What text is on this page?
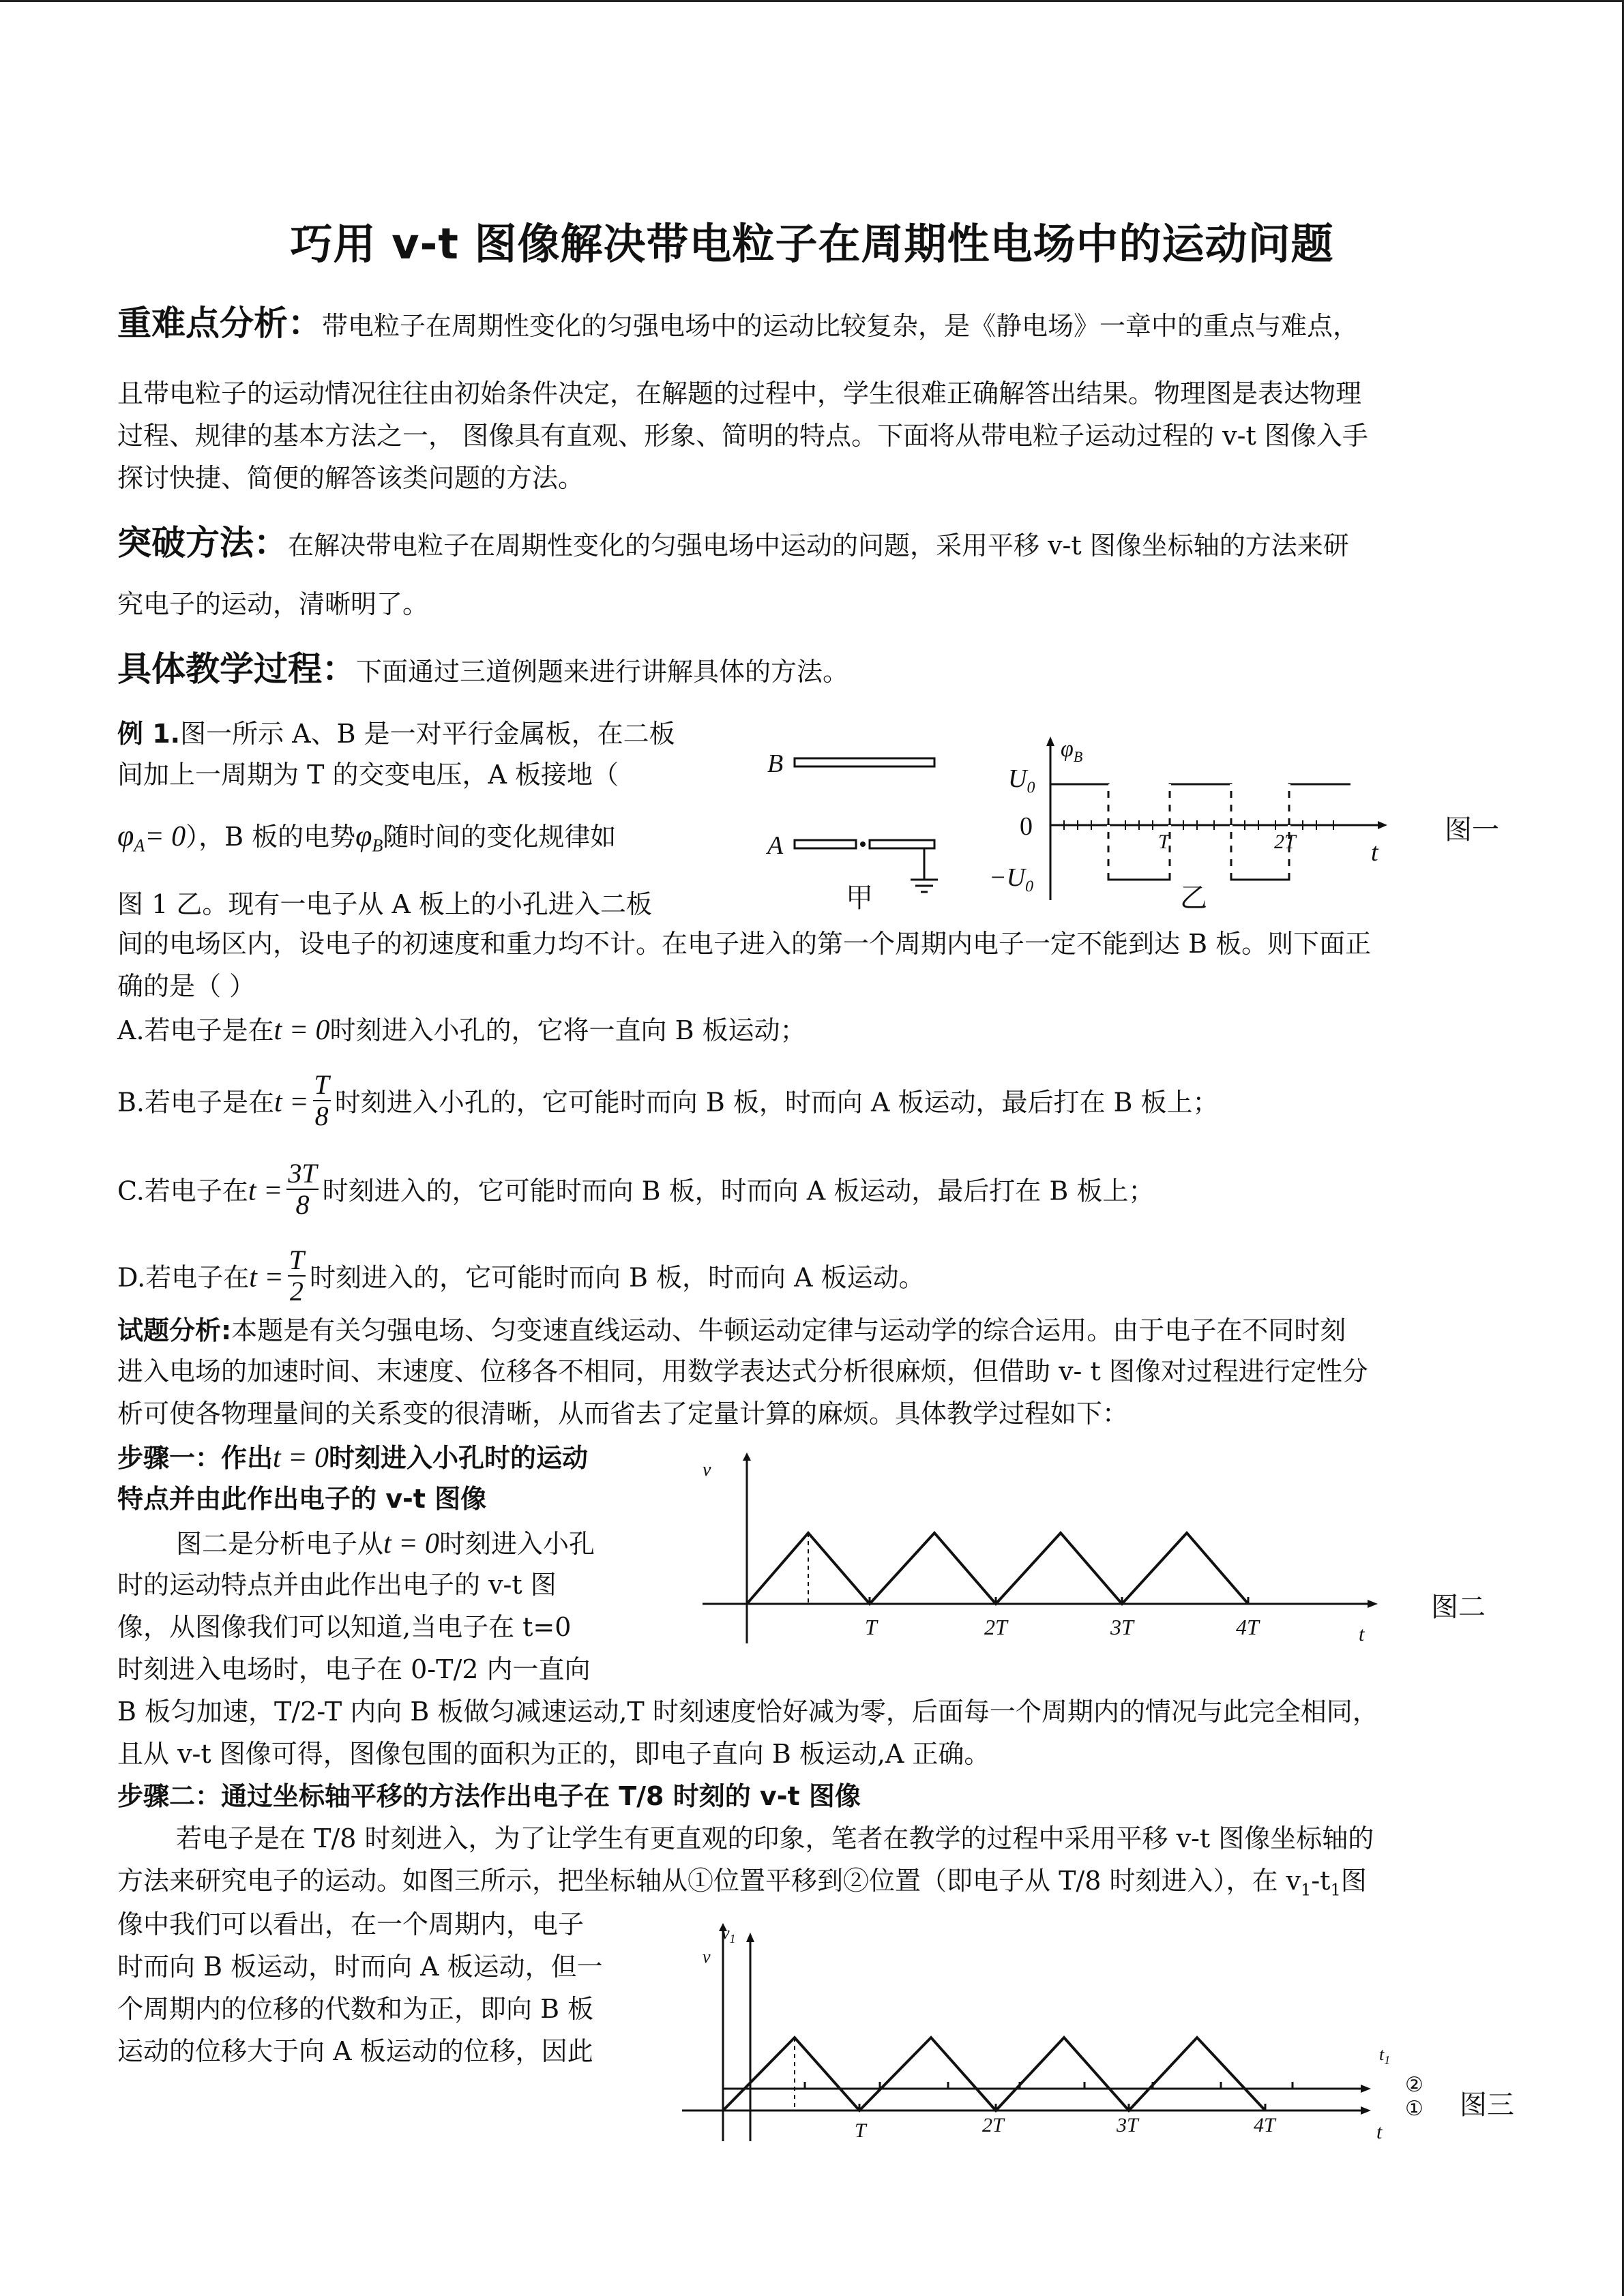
巧用 v-t 图像解决带电粒子在周期性电场中的运动问题
重难点分析：带电粒子在周期性变化的匀强电场中的运动比较复杂，是《静电场》一章中的重点与难点，
且带电粒子的运动情况往往由初始条件决定，在解题的过程中，学生很难正确解答出结果。物理图是表达物理
过程、规律的基本方法之一， 图像具有直观、形象、简明的特点。下面将从带电粒子运动过程的 v-t 图像入手
探讨快捷、简便的解答该类问题的方法。
突破方法：在解决带电粒子在周期性变化的匀强电场中运动的问题，采用平移 v-t 图像坐标轴的方法来研
究电子的运动，清晰明了。
具体教学过程：下面通过三道例题来进行讲解具体的方法。
例 1.图一所示 A、B 是一对平行金属板，在二板
间加上一周期为 T 的交变电压，A 板接地（
$\varphi_A= 0$），B 板的电势$\varphi_B$随时间的变化规律如
图 1 乙。现有一电子从 A 板上的小孔进入二板
间的电场区内，设电子的初速度和重力均不计。在电子进入的第一个周期内电子一定不能到达 B 板。则下面正
确的是（ ）
A.若电子是在t = 0时刻进入小孔的，它将一直向 B 板运动；
B.若电子是在$t = \frac{T}{8}$ 时刻进入小孔的，它可能时而向 B 板，时而向 A 板运动，最后打在 B 板上；
C.若电子在$t = \frac{3T}{8}$ 时刻进入的，它可能时而向 B 板，时而向 A 板运动，最后打在 B 板上；
D.若电子在$t = \frac{T}{2}$ 时刻进入的，它可能时而向 B 板，时而向 A 板运动。
B
A
甲	乙
$U_0$
$\varphi_B$
0
$-U_0$
T	2T	t
图一
试题分析:本题是有关匀强电场、匀变速直线运动、牛顿运动定律与运动学的综合运用。由于电子在不同时刻
进入电场的加速时间、末速度、位移各不相同，用数学表达式分析很麻烦，但借助 v- t 图像对过程进行定性分
析可使各物理量间的关系变的很清晰，从而省去了定量计算的麻烦。具体教学过程如下：
步骤一：作出t = 0时刻进入小孔时的运动
特点并由此作出电子的 v-t 图像
图二是分析电子从t = 0时刻进入小孔
时的运动特点并由此作出电子的 v-t 图
像，从图像我们可以知道,当电子在 t=0
时刻进入电场时，电子在 0-T/2 内一直向
B 板匀加速，T/2-T 内向 B 板做匀减速运动,T 时刻速度恰好减为零，后面每一个周期内的情况与此完全相同，
且从 v-t 图像可得，图像包围的面积为正的，即电子直向 B 板运动,A 正确。
v
t
T	2T	3T	4T
图二
步骤二：通过坐标轴平移的方法作出电子在 T/8 时刻的 v-t 图像
若电子是在 T/8 时刻进入，为了让学生有更直观的印象，笔者在教学的过程中采用平移 v-t 图像坐标轴的
方法来研究电子的运动。如图三所示，把坐标轴从①位置平移到②位置（即电子从 T/8 时刻进入），在 $v_1-t_1$图
像中我们可以看出，在一个周期内，电子
时而向 B 板运动，时而向 A 板运动，但一
个周期内的位移的代数和为正，即向 B 板
运动的位移大于向 A 板运动的位移，因此
$v_1$
v
$t_1$
t
②
①
T	2T	3T	4T
图三
